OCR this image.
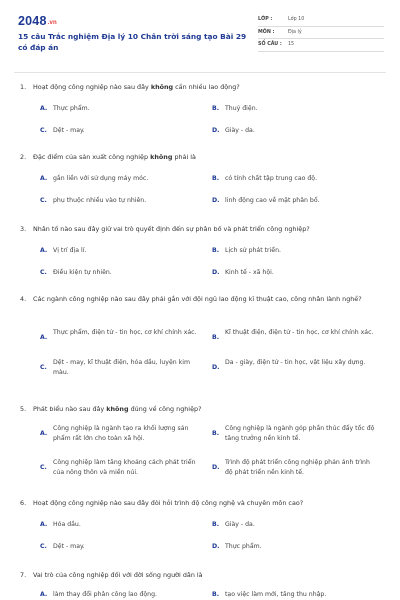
2048.vn
15 câu Trắc nghiệm Địa lý 10 Chân trời sáng tạo Bài 29 có đáp án
LỚP :	Lớp 10
MÔN :	Địa lý
SỐ CÂU :	15
1. Hoạt động công nghiệp nào sau đây không cần nhiều lao động?
A. Thực phẩm.	B. Thuỷ điện.
C. Dệt - may.	D. Giày - da.
2. Đặc điểm của sản xuất công nghiệp không phải là
A. gắn liền với sử dụng máy móc.	B. có tính chất tập trung cao độ.
C. phụ thuộc nhiều vào tự nhiên.	D. linh động cao về mặt phân bố.
3. Nhân tố nào sau đây giữ vai trò quyết định đến sự phân bố và phát triển công nghiệp?
A. Vị trí địa lí.	B. Lịch sử phát triển.
C. Điều kiện tự nhiên.	D. Kinh tế - xã hội.
4. Các ngành công nghiệp nào sau đây phải gắn với đội ngũ lao động kĩ thuật cao, công nhân lành nghề?
A.
Thực phẩm, điện tử - tin học, cơ khí chính xác.
B.
Kĩ thuật điện, điện tử - tin học, cơ khí chính xác.
C.
Dệt - may, kĩ thuật điện, hóa dầu, luyện kim màu.
D.
Da - giày, điện tử - tin học, vật liệu xây dựng.
5. Phát biểu nào sau đây không đúng về công nghiệp?
A.
Công nghiệp là ngành tạo ra khối lượng sản phẩm rất lớn cho toàn xã hội.
B.
Công nghiệp là ngành góp phần thúc đẩy tốc độ tăng trưởng nền kinh tế.
C.
Công nghiệp làm tăng khoảng cách phát triển của nông thôn và miền núi.
D.
Trình độ phát triển công nghiệp phản ánh trình độ phát triển nền kinh tế.
6. Hoạt động công nghiệp nào sau đây đòi hỏi trình độ công nghệ và chuyên môn cao?
A. Hóa dầu.	B. Giày - da.
C. Dệt - may.	D. Thực phẩm.
7. Vai trò của công nghiệp đối với đời sống người dân là
A. làm thay đổi phân công lao động.	B. tạo việc làm mới, tăng thu nhập.
